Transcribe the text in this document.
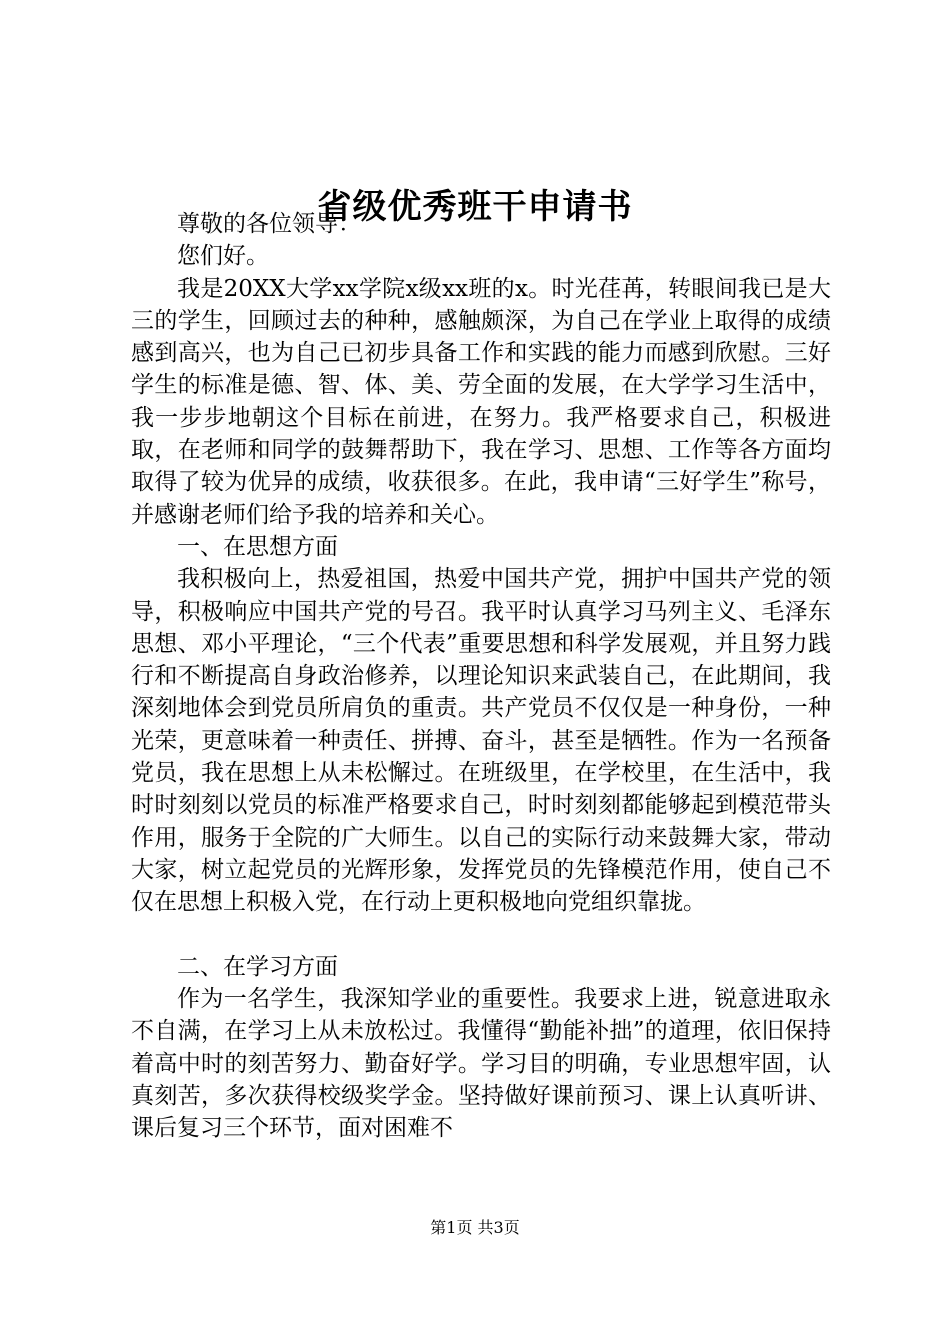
省级优秀班干申请书

尊敬的各位领导：

您们好。

我是20XX大学xx学院x级xx班的x。时光荏苒，转眼间我已是大三的学生，回顾过去的种种，感触颇深，为自己在学业上取得的成绩感到高兴，也为自己已初步具备工作和实践的能力而感到欣慰。三好学生的标准是德、智、体、美、劳全面的发展，在大学学习生活中，我一步步地朝这个目标在前进，在努力。我严格要求自己，积极进取，在老师和同学的鼓舞帮助下，我在学习、思想、工作等各方面均取得了较为优异的成绩，收获很多。在此，我申请“三好学生”称号，并感谢老师们给予我的培养和关心。

一、在思想方面

我积极向上，热爱祖国，热爱中国共产党，拥护中国共产党的领导，积极响应中国共产党的号召。我平时认真学习马列主义、毛泽东思想、邓小平理论，“三个代表”重要思想和科学发展观，并且努力践行和不断提高自身政治修养，以理论知识来武装自己，在此期间，我深刻地体会到党员所肩负的重责。共产党员不仅仅是一种身份，一种光荣，更意味着一种责任、拼搏、奋斗，甚至是牺牲。作为一名预备党员，我在思想上从未松懈过。在班级里，在学校里，在生活中，我时时刻刻以党员的标准严格要求自己，时时刻刻都能够起到模范带头作用，服务于全院的广大师生。以自己的实际行动来鼓舞大家，带动大家，树立起党员的光辉形象，发挥党员的先锋模范作用，使自己不仅在思想上积极入党，在行动上更积极地向党组织靠拢。

二、在学习方面

作为一名学生，我深知学业的重要性。我要求上进，锐意进取永不自满，在学习上从未放松过。我懂得“勤能补拙”的道理，依旧保持着高中时的刻苦努力、勤奋好学。学习目的明确，专业思想牢固，认真刻苦，多次获得校级奖学金。坚持做好课前预习、课上认真听讲、课后复习三个环节，面对困难不

第1页 共3页
